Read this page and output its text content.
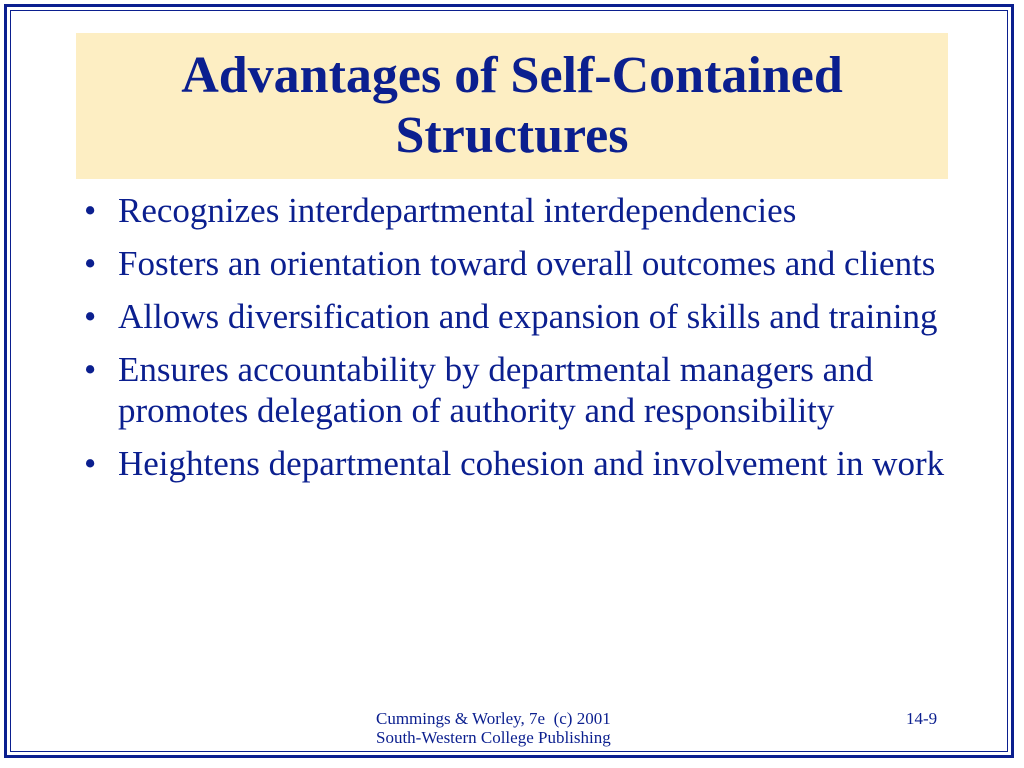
Advantages of Self-Contained
Structures
• Recognizes interdepartmental interdependencies
• Fosters an orientation toward overall outcomes and clients
• Allows diversification and expansion of skills and training
• Ensures accountability by departmental managers and promotes delegation of authority and responsibility
• Heightens departmental cohesion and involvement in work
Cummings & Worley, 7e  (c) 2001
South-Western College Publishing
14-9
